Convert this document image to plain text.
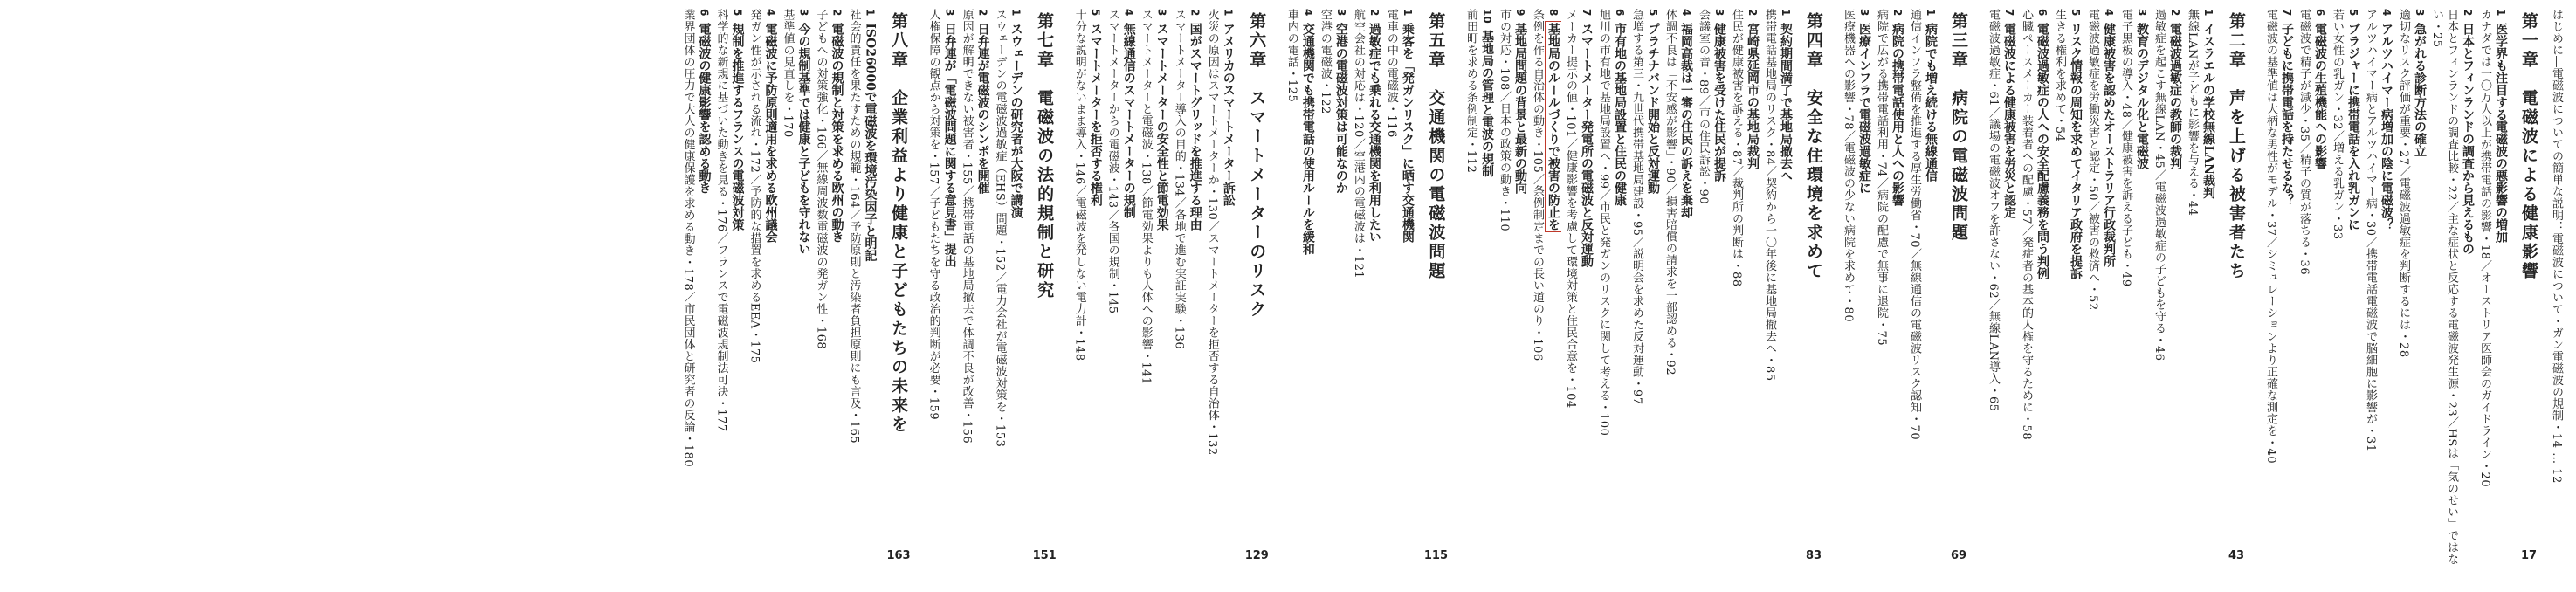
はじめに―電磁波についての簡単な説明：電磁波について・ガン電磁波の規制・14 … 12
第一章　電磁波による健康影響
17
1医学界も注目する電磁波の悪影響の増加
カナダでは一〇万人以上が携帯電話の影響・18／オーストリア医師会のガイドライン・20
2日本とフィンランドの調査から見えるもの
日本とフィンランドの調査比較・22／主な症状と反応する電磁波発生源・23／HSは「気のせい」ではない・25
3急がれる診断方法の確立
適切なリスク評価が重要・27／電磁波過敏症を判断するには・28
4アルツハイマー病増加の陰に電磁波？
アルツハイマー病とアルツハイマー病・30／携帯電話電磁波で脳細胞に影響が・31
5ブラジャーに携帯電話を入れ乳ガンに
若い女性の乳ガン・32／増える乳ガン・33
6電磁波の生殖機能への影響
電磁波で精子が減少・35／精子の質が落ちる・36
7子どもに携帯電話を持たせるな？
電磁波の基準値は大柄な男性がモデル・37／シミュレーションより正確な測定を・40
第二章　声を上げる被害者たち
43
1イスラエルの学校無線LAN裁判
無線LANが子どもに影響を与える・44
2電磁波過敏症の教師の裁判
過敏症を起こす無線LAN・45／電磁波過敏症の子どもを守る・46
3教育のデジタル化と電磁波
電子黒板の導入・48／健康被害を訴える子ども・49
4健康被害を認めたオーストラリア行政裁判所
電磁波過敏症を労働災害と認定・50／被害の救済へ・52
5リスク情報の周知を求めてイタリア政府を提訴
生きる権利を求めて・54
6電磁波過敏症の人への安全配慮義務を問う判例
心臓ペースメーカー装着者への配慮・57／発症者の基本的人権を守るために・58
7電磁波による健康被害を労災と認定
電磁波過敏症・61／議場の電磁波オフを許さない・62／無線LAN導入・65
第三章　病院の電磁波問題
69
1病院でも増え続ける無線通信
通信インフラ整備を推進する厚生労働省・70／無線通信の電磁波リスク認知・70
2病院の携帯電話使用と人への影響
病院で広がる携帯電話利用・74／病院の配慮で無事に退院・75
3医療インフラで電磁波過敏症に
医療機器への影響・78／電磁波の少ない病院を求めて・80
第四章　安全な住環境を求めて
83
1契約期間満了で基地局撤去へ
携帯電話基地局のリスク・84／契約から一〇年後に基地局撤去へ・85
2宮崎県延岡市の基地局裁判
住民が健康被害を訴える・87／裁判所の判断は・88
3健康被害を受けた住民が提訴
会議室の音・89／市の住民訴訟・90
4福岡高裁は一審の住民の訴えを棄却
体調不良は「不安感が影響」・90／損害賠償の請求を一部認める・92
5プラチナバンド開始と反対運動
急増する第三・九世代携帯基地局建設・95／説明会を求めた反対運動・97
6市有地の基地局設置と住民の健康
旭川の市有地で基地局設置へ・99／市民と発ガンのリスクに関して考える・100
7スマートメーター発電所の電磁波と反対運動
メーカー提示の値・101／健康影響を考慮して環境対策と住民合意を・104
8基地局のルールづくりで被害の防止を
条例を作る自治体の動き・105／条例制定までの長い道のり・106
9基地局問題の背景と最新の動向
市の対応・108／日本の政策の動き・110
10基地局の管理と電波の規制
前田町を求める条例制定・112
第五章　交通機関の電磁波問題
115
1乗客を「発ガンリスク」に晒す交通機関
電車の中の電磁波・116
2過敏症でも乗れる交通機関を利用したい
航空会社の対応は・120／空港内の電磁波は・121
3空港の電磁波対策は可能なのか
空港の電磁波・122
4交通機関でも携帯電話の使用ルールを緩和
車内の電話・125
第六章　スマートメーターのリスク
129
1アメリカのスマートメーター訴訟
火災の原因はスマートメーターか・130／スマートメーターを拒否する自治体・132
2国がスマートグリッドを推進する理由
スマートメーター導入の目的・134／各地で進む実証実験・136
3スマートメーターの安全性と節電効果
スマートメーターと電磁波・138／節電効果よりも人体への影響・141
4無線通信のスマートメーターの規制
スマートメーターからの電磁波・143／各国の規制・145
5スマートメーターを拒否する権利
十分な説明がないまま導入・146／電磁波を発しない電力計・148
第七章　電磁波の法的規制と研究
151
1スウェーデンの研究者が大阪で講演
スウェーデンの電磁波過敏症（EHS）問題・152／電力会社が電磁波対策を・153
2日弁連が電磁波のシンポを開催
原因が解明できない被害者・155／携帯電話の基地局撤去で体調不良が改善・156
3日弁連が「電磁波問題に関する意見書」提出
人権保障の観点から対策を・157／子どもたちを守る政治的判断が必要・159
第八章　企業利益より健康と子どもたちの未来を
163
1ISO26000で電磁波を環境汚染因子と明記
社会的責任を果たすための規範・164／予防原則と汚染者負担原則にも言及・165
2電磁波の規制と対策を求める欧州の動き
子どもへの対策強化・166／無線周波数電磁波の発ガン性・168
3今の規制基準では健康と子どもを守れない
基準値の見直しを・170
4電磁波に予防原則適用を求める欧州議会
発ガン性が示される流れ・172／予防的な措置を求めるEEA・175
5規制を推進するフランスの電磁波対策
科学的な新規に基づいた動きを見る・176／フランスで電磁波規制法可決・177
6電磁波の健康影響を認める動き
業界団体の圧力で大人の健康保護を求める動き・178／市民団体と研究者の反論・180
